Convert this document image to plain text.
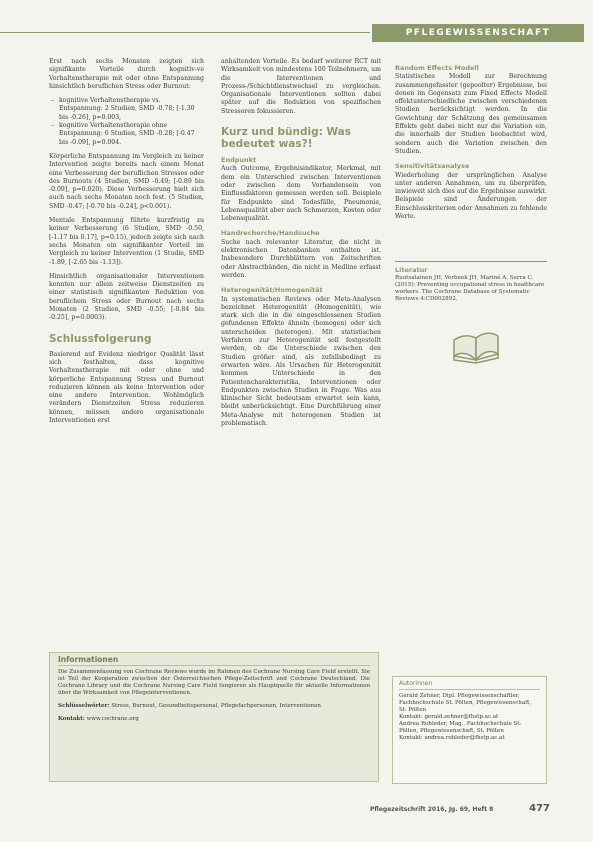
PFLEGEWISSENSCHAFT

Erst nach sechs Monaten zeigten sich signifikante Vorteile durch kognitiv-ve Verhaltenstherapie mit oder ohne Entspannung hinsichtlich beruflichen Stress oder Burnout:

– kognitive Verhaltenstherapie vs. Entspannung: 2 Studien, SMD -0.78; [-1.30 bis -0.26], p=0.003,
– kognitive Verhaltenstherapie ohne Entspannung: 6 Studien, SMD -0.28; [-0.47 bis -0.09], p=0.004.

Körperliche Entspannung im Vergleich zu keiner Intervention zeigte bereits nach einem Monat eine Verbesserung der beruflichen Stresses oder des Burnouts (4 Studien, SMD -0.49; [-0.89 bis -0.09], p=0.020). Diese Verbesserung hielt sich auch nach sechs Monaten noch fest. (5 Studien, SMD -0.47; [-0.70 bis -0.24], p<0.001).

Mentale Entspannung führte kurzfristig zu keiner Verbesserung (6 Studien, SMD -0.50, [-1.17 bis 0.17], p=0.15), jedoch zeigte sich nach sechs Monaten ein signifikanter Vorteil im Vergleich zu keiner Intervention (1 Studie, SMD -1.89, [-2.65 bis -1.13]).

Hinsichtlich organisationaler Interventionen konnten nur allein zeitweise Dienstzeiten zu einer statistisch signifikanten Reduktion von beruflichem Stress oder Burnout nach sechs Monaten (2 Studien, SMD -0.55; [-0.84 bis -0.25], p=0.0003).

Schlussfolgerung

Basierend auf Evidenz niedriger Qualität lässt sich festhalten, dass kognitive Verhaltenstherapie mit oder ohne und körperliche Entspannung Stress und Burnout reduzieren können als keine Intervention oder eine andere Intervention. Wohlmöglich verändern Dienstzeiten Stress reduzieren können, müssen andere organisationale Interventionen erst

anhaltenden Vorteile. Es bedarf weiterer RCT mit Wirksamkeit von mindestens 100 Teilnehmern, um die Interventionen und Prozess-/Schichtdienstwechsel zu vergleichen. Organisationale Interventionen sollten dabei später auf die Reduktion von spezifischen Stressoren fokussieren.

Kurz und bündig: Was bedeutet was?!
Endpunkt

Auch Outcome, Ergebnisindikator, Merkmal, mit dem ein Unterschied zwischen Interventionen oder zwischen dem Vorhandensein von Einflussfaktoren gemessen werden soll. Beispiele für Endpunkte sind Todesfälle, Pneumonie, Lebensqualität aber auch Schmerzen, Kosten oder Lebensqualität.

Handrecherche/Handsuche

Suche nach relevanter Literatur, die nicht in elektronischen Datenbanken enthalten ist. Insbesondere Durchblättern von Zeitschriften oder Abstractbänden, die nicht in Medline erfasst werden.

Heterogenität/Homogenität

In systematischen Reviews oder Meta-Analysen bezeichnet Heterogenität (Homogenität), wie stark sich die in die eingeschlossenen Studien gefundenen Effekte ähneln (homogen) oder sich unterscheiden (heterogen). Mit statistischen Verfahren zur Heterogenität soll festgestellt werden, ob die Unterschiede zwischen den Studien größer sind, als zufallsbedingt zu erwarten wäre. Als Ursachen für Heterogenität kommen Unterschiede in den Patientencharakteristika, Interventionen oder Endpunkten zwischen Studien in Frage. Was aus klinischer Sicht bedeutsam erwartet sein kann, bleibt unberücksichtigt. Eine Durchführung einer Meta-Analyse mit heterogenen Studien ist problematisch.

Random Effects Modell

Statistisches Modell zur Berechnung zusammengefasster (gepoolter) Ergebnisse, bei denen im Gegensatz zum Fixed Effects Modell effektunterschiedliche zwischen verschiedenen Studien berücksichtigt werden. In die Gewichtung der Schätzung des gemeinsamen Effekts geht dabei nicht nur die Variation ein, die innerhalb der Studien beobachtet wird, sondern auch die Variation zwischen den Studien.

Sensitivitätsanalyse

Wiederholung der ursprünglichen Analyse unter anderen Annahmen, um zu überprüfen, inwieweit sich dies auf die Ergebnisse auswirkt. Beispiele sind Änderungen der Einschlusskriterien oder Annahmen zu fehlende Werte.

Literatur
Ruotsalainen JH, Verbeek JH, Mariné A, Serra C. (2015): Preventing occupational stress in healthcare workers. The Cochrane Database of Systematic Reviews 4:CD002892.
Informationen

Die Zusammenfassung von Cochrane Reviews wurde im Rahmen des Cochrane Nursing Care Field erstellt. Sie ist Teil der Kooperation zwischen der Österreichischen Pflege-Zeitschrift und Cochrane Deutschland. Die Cochrane Library und die Cochrane Nursing Care Field fungieren als Hauptquelle für aktuelle Informationen über die Wirksamkeit von Pflegeinterventionen.

Schlüsselwörter: Stress, Burnout, Gesundheitspersonal, Pflegefachpersonen, Interventionen

Kontakt: www.cochrane.org

Autorinnen
Gerald Zehner, Dipl. Pflegewissenschaftler, Fachhochschule St. Pölten, Pflegewissenschaft, St. Pölten
Kontakt: gerald.zehner@fhstp.ac.at
Andrea Rohleder, Mag., Fachhochschule St. Pölten, Pflegewissenschaft, St. Pölten
Kontakt: andrea.rohleder@fhstp.ac.at
Pflegezeitschrift 2016, Jg. 69, Heft 8	477
